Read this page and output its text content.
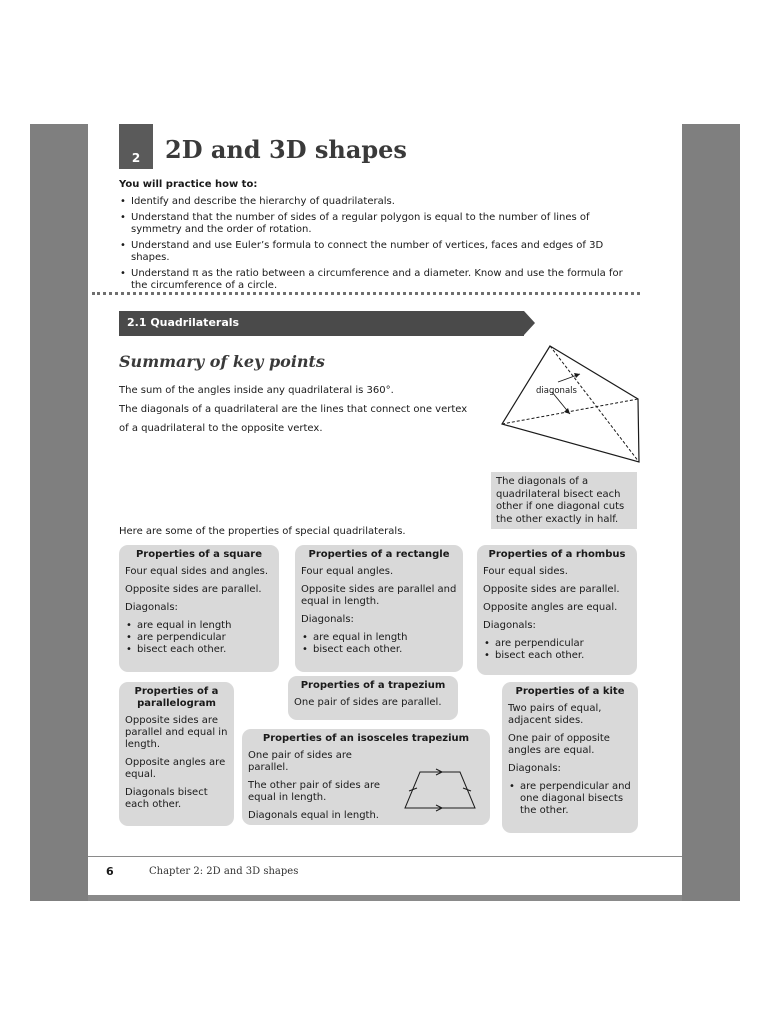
2 2D and 3D shapes
You will practice how to:
• Identify and describe the hierarchy of quadrilaterals.
• Understand that the number of sides of a regular polygon is equal to the number of lines of symmetry and the order of rotation.
• Understand and use Euler’s formula to connect the number of vertices, faces and edges of 3D shapes.
• Understand π as the ratio between a circumference and a diameter. Know and use the formula for the circumference of a circle.
2.1 Quadrilaterals
Summary of key points
The sum of the angles inside any quadrilateral is 360°.
The diagonals of a quadrilateral are the lines that connect one vertex
of a quadrilateral to the opposite vertex.
diagonals
The diagonals of a quadrilateral bisect each other if one diagonal cuts the other exactly in half.
Here are some of the properties of special quadrilaterals.
Properties of a square

Four equal sides and angles.

Opposite sides are parallel.

Diagonals:

• are equal in length
• are perpendicular
• bisect each other.
Properties of a rectangle

Four equal angles.

Opposite sides are parallel and equal in length.

Diagonals:

• are equal in length
• bisect each other.
Properties of a rhombus

Four equal sides.

Opposite sides are parallel.

Opposite angles are equal.

Diagonals:

• are perpendicular
• bisect each other.
Properties of a parallelogram

Opposite sides are parallel and equal in length.

Opposite angles are equal.

Diagonals bisect each other.

Properties of a trapezium

One pair of sides are parallel.

Properties of an isosceles trapezium

One pair of sides are parallel.

The other pair of sides are equal in length.

Diagonals equal in length.

Properties of a kite

Two pairs of equal, adjacent sides.

One pair of opposite angles are equal.

Diagonals:

• are perpendicular and one diagonal bisects the other.
6	Chapter 2: 2D and 3D shapes
